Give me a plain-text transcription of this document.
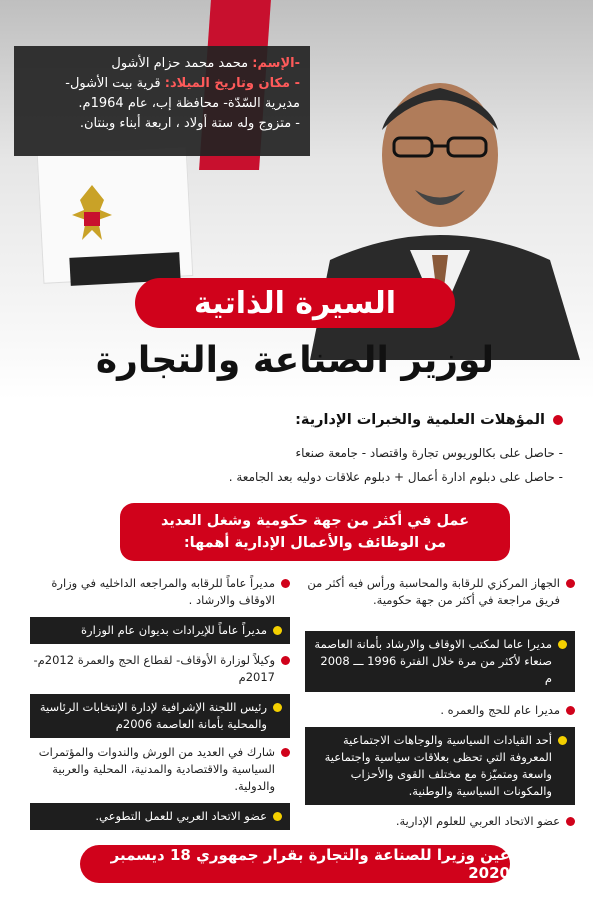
-الإسم: محمد محمد حزام الأشول
- مكان وتاريخ الميلاد: قرية بيت الأشول-
مديرية السّدّة- محافظة إب، عام 1964م.
- متزوج وله ستة أولاد ، اربعة أبناء وبنتان.
السيرة الذاتية
لوزير الصناعة والتجارة
المؤهلات العلمية والخبرات الإدارية:
- حاصل على بكالوريوس تجارة واقتصاد - جامعة صنعاء
- حاصل على دبلوم ادارة أعمال + دبلوم علاقات دوليه بعد الجامعة .
عمل في أكثر من جهة حكومية وشغل العديد
من الوظائف والأعمال الإدارية أهمها:
الجهاز المركزي للرقابة والمحاسبة ورأس فيه أكثر من فريق مراجعة في أكثر من جهة حكومية.
مديرا عاما لمكتب الاوقاف والارشاد بأمانة العاصمة صنعاء لأكثر من مرة خلال الفترة 1996 ـــ 2008 م
مديرا عام للحج والعمره .
أحد القيادات السياسية والوجاهات الاجتماعية المعروفة التي تحظى بعلاقات سياسية واجتماعية واسعة ومتميّزة مع مختلف القوى والأحزاب والمكونات السياسية والوطنية.
عضو الاتحاد العربي للعلوم الإدارية.
مديراً عاماً للرقابه والمراجعه الداخليه في وزارة الاوقاف والارشاد .
مديراً عاماً للإيرادات بديوان عام الوزارة
وكيلاً لوزارة الأوقاف- لقطاع الحج والعمرة 2012م- 2017م
رئيس اللجنة الإشرافية لإدارة الإنتخابات الرئاسية والمحلية بأمانة العاصمة 2006م
شارك في العديد من الورش والندوات والمؤتمرات السياسية والاقتصادية والمدنية، المحلية والعربية والدولية.
عضو الاتحاد العربي للعمل التطوعي.
عين وزيرا للصناعة والتجارة بقرار جمهوري 18 ديسمبر 2020
